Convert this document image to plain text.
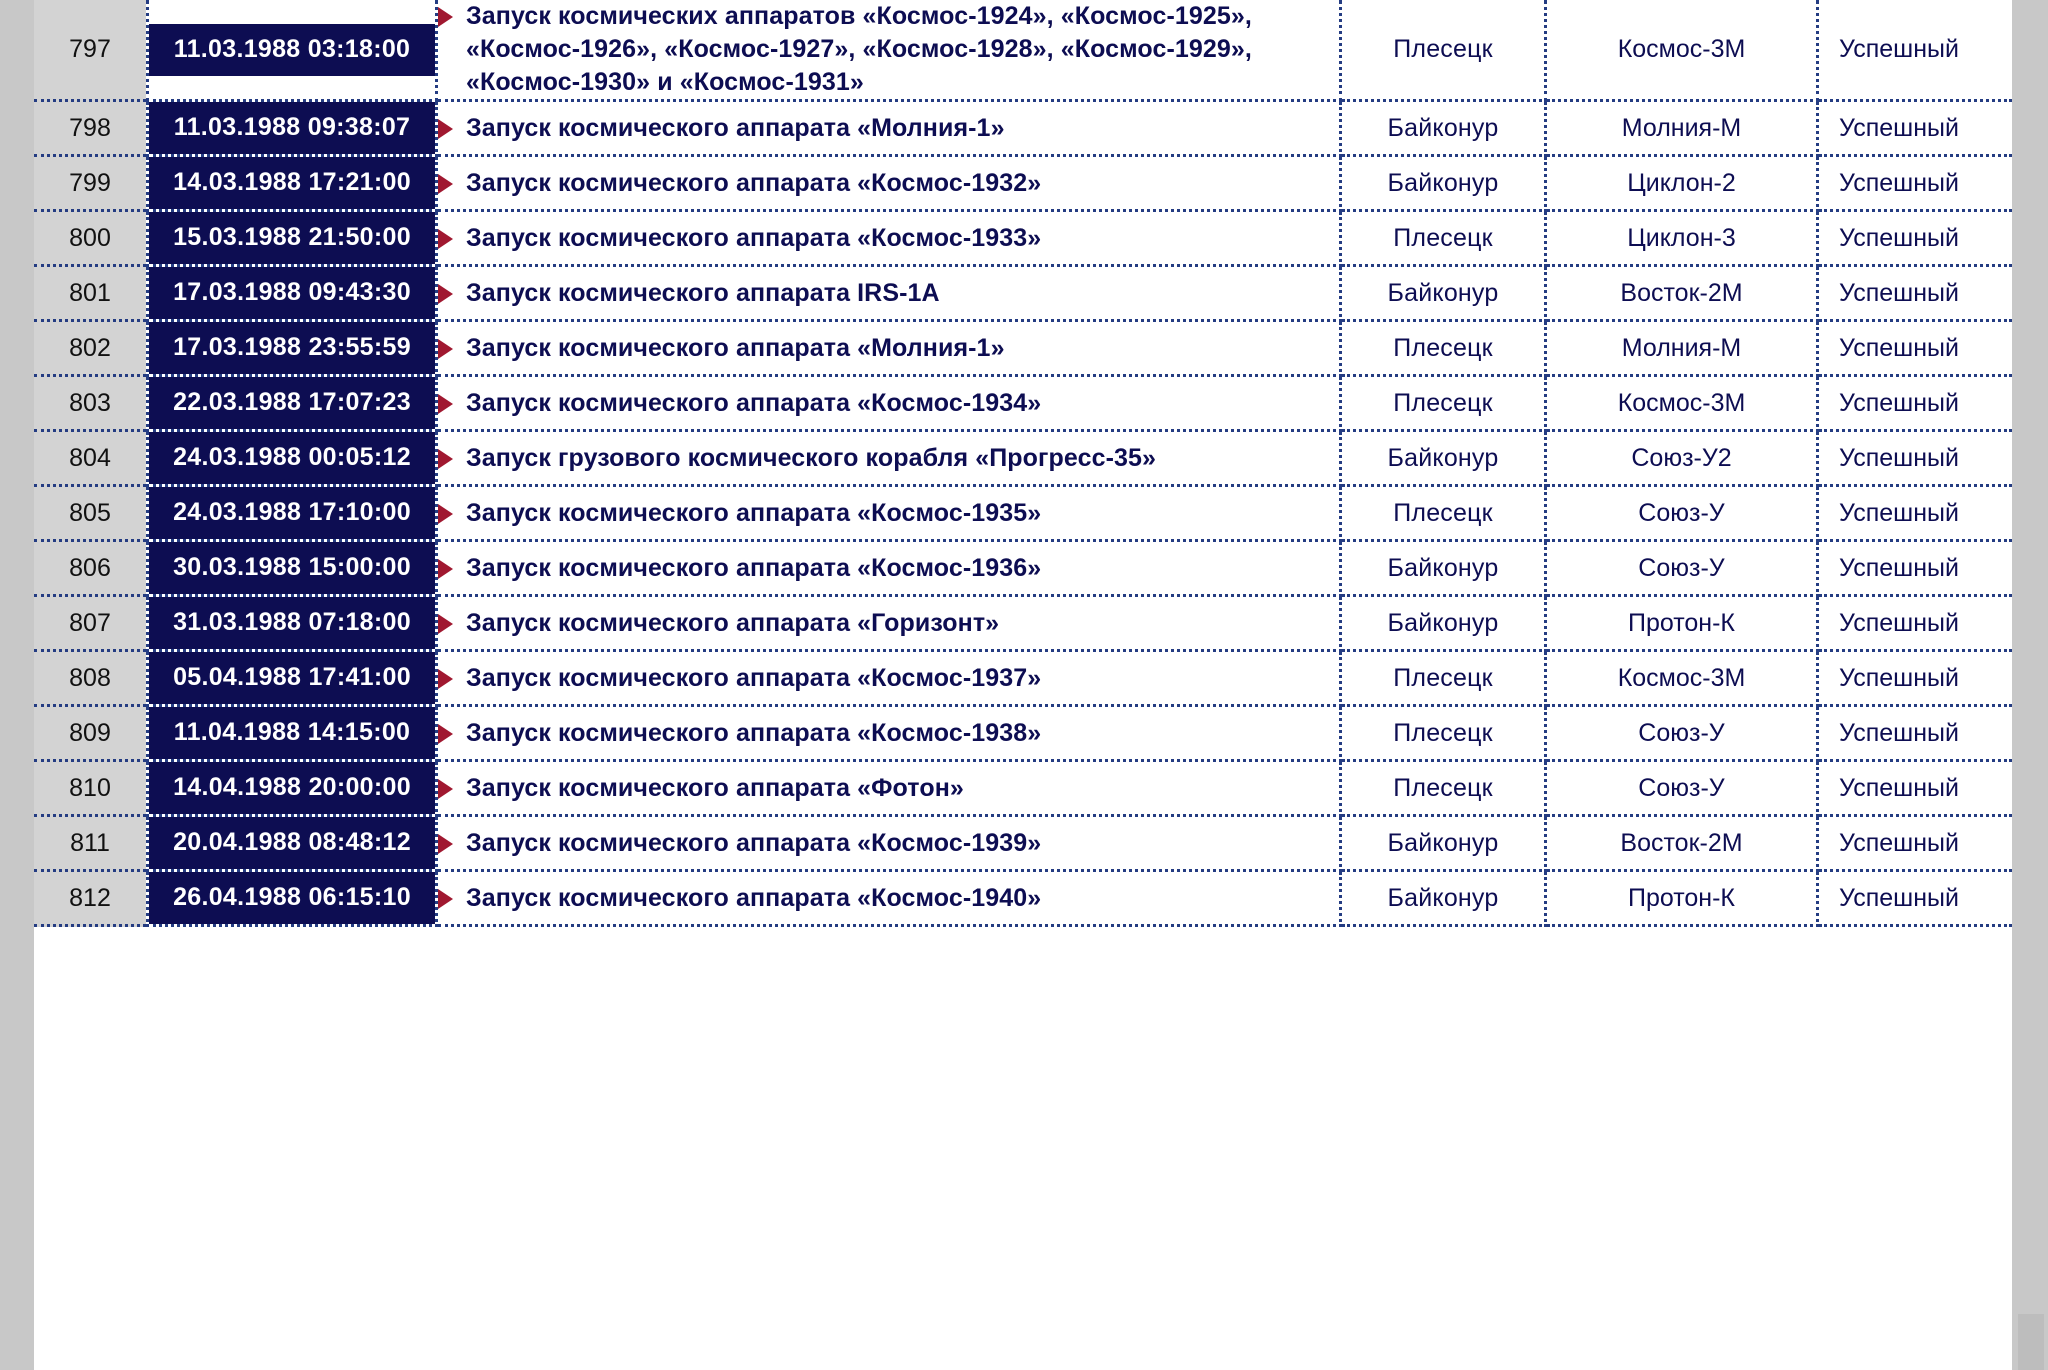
797	11.03.1988 03:18:00	Запуск космических аппаратов «Космос-1924», «Космос-1925», «Космос-1926», «Космос-1927», «Космос-1928», «Космос-1929», «Космос-1930» и «Космос-1931»	Плесецк	Космос-3М	Успешный

798	11.03.1988 09:38:07	Запуск космического аппарата «Молния-1»	Байконур	Молния-М	Успешный

799	14.03.1988 17:21:00	Запуск космического аппарата «Космос-1932»	Байконур	Циклон-2	Успешный

800	15.03.1988 21:50:00	Запуск космического аппарата «Космос-1933»	Плесецк	Циклон-3	Успешный

801	17.03.1988 09:43:30	Запуск космического аппарата IRS-1A	Байконур	Восток-2М	Успешный

802	17.03.1988 23:55:59	Запуск космического аппарата «Молния-1»	Плесецк	Молния-М	Успешный

803	22.03.1988 17:07:23	Запуск космического аппарата «Космос-1934»	Плесецк	Космос-3М	Успешный

804	24.03.1988 00:05:12	Запуск грузового космического корабля «Прогресс-35»	Байконур	Союз-У2	Успешный

805	24.03.1988 17:10:00	Запуск космического аппарата «Космос-1935»	Плесецк	Союз-У	Успешный

806	30.03.1988 15:00:00	Запуск космического аппарата «Космос-1936»	Байконур	Союз-У	Успешный

807	31.03.1988 07:18:00	Запуск космического аппарата «Горизонт»	Байконур	Протон-К	Успешный

808	05.04.1988 17:41:00	Запуск космического аппарата «Космос-1937»	Плесецк	Космос-3М	Успешный

809	11.04.1988 14:15:00	Запуск космического аппарата «Космос-1938»	Плесецк	Союз-У	Успешный

810	14.04.1988 20:00:00	Запуск космического аппарата «Фотон»	Плесецк	Союз-У	Успешный

811	20.04.1988 08:48:12	Запуск космического аппарата «Космос-1939»	Байконур	Восток-2М	Успешный

812	26.04.1988 06:15:10	Запуск космического аппарата «Космос-1940»	Байконур	Протон-К	Успешный
